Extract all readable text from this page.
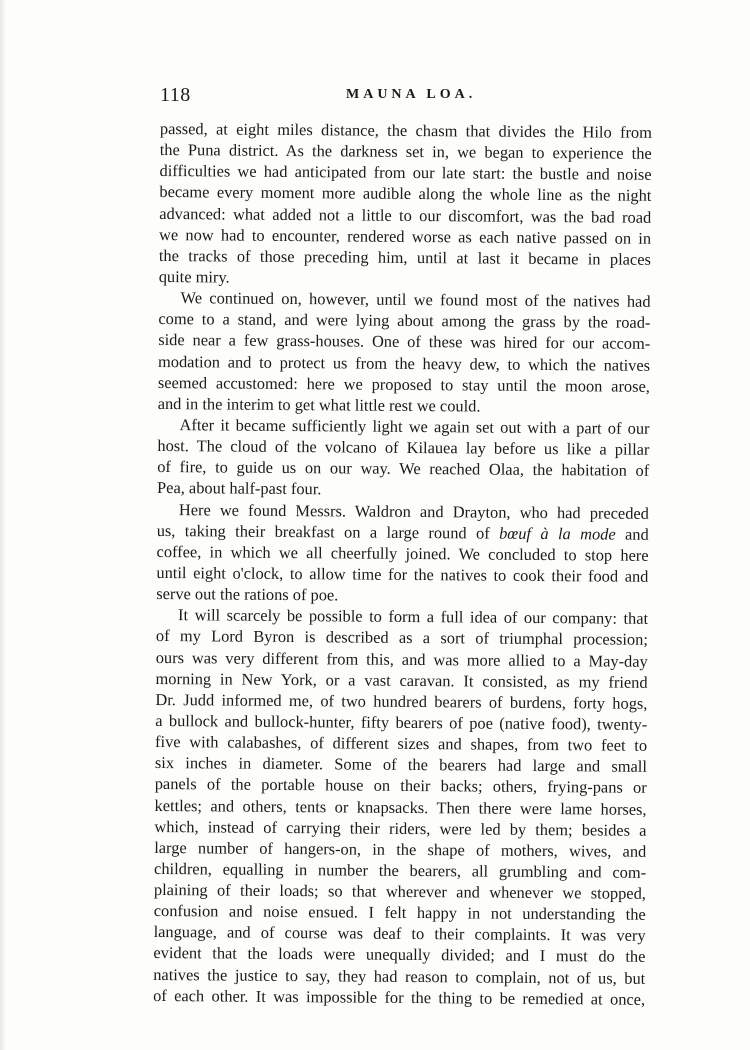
118	MAUNA LOA.
passed, at eight miles distance, the chasm that divides the Hilo from
the Puna district. As the darkness set in, we began to experience the
difficulties we had anticipated from our late start: the bustle and noise
became every moment more audible along the whole line as the night
advanced: what added not a little to our discomfort, was the bad road
we now had to encounter, rendered worse as each native passed on in
the tracks of those preceding him, until at last it became in places
quite miry.
We continued on, however, until we found most of the natives had
come to a stand, and were lying about among the grass by the road-
side near a few grass-houses. One of these was hired for our accom-
modation and to protect us from the heavy dew, to which the natives
seemed accustomed: here we proposed to stay until the moon arose,
and in the interim to get what little rest we could.
After it became sufficiently light we again set out with a part of our
host. The cloud of the volcano of Kilauea lay before us like a pillar
of fire, to guide us on our way. We reached Olaa, the habitation of
Pea, about half-past four.
Here we found Messrs. Waldron and Drayton, who had preceded
us, taking their breakfast on a large round of bœuf à la mode and
coffee, in which we all cheerfully joined. We concluded to stop here
until eight o'clock, to allow time for the natives to cook their food and
serve out the rations of poe.
It will scarcely be possible to form a full idea of our company: that
of my Lord Byron is described as a sort of triumphal procession;
ours was very different from this, and was more allied to a May-day
morning in New York, or a vast caravan. It consisted, as my friend
Dr. Judd informed me, of two hundred bearers of burdens, forty hogs,
a bullock and bullock-hunter, fifty bearers of poe (native food), twenty-
five with calabashes, of different sizes and shapes, from two feet to
six inches in diameter. Some of the bearers had large and small
panels of the portable house on their backs; others, frying-pans or
kettles; and others, tents or knapsacks. Then there were lame horses,
which, instead of carrying their riders, were led by them; besides a
large number of hangers-on, in the shape of mothers, wives, and
children, equalling in number the bearers, all grumbling and com-
plaining of their loads; so that wherever and whenever we stopped,
confusion and noise ensued. I felt happy in not understanding the
language, and of course was deaf to their complaints. It was very
evident that the loads were unequally divided; and I must do the
natives the justice to say, they had reason to complain, not of us, but
of each other. It was impossible for the thing to be remedied at once,
